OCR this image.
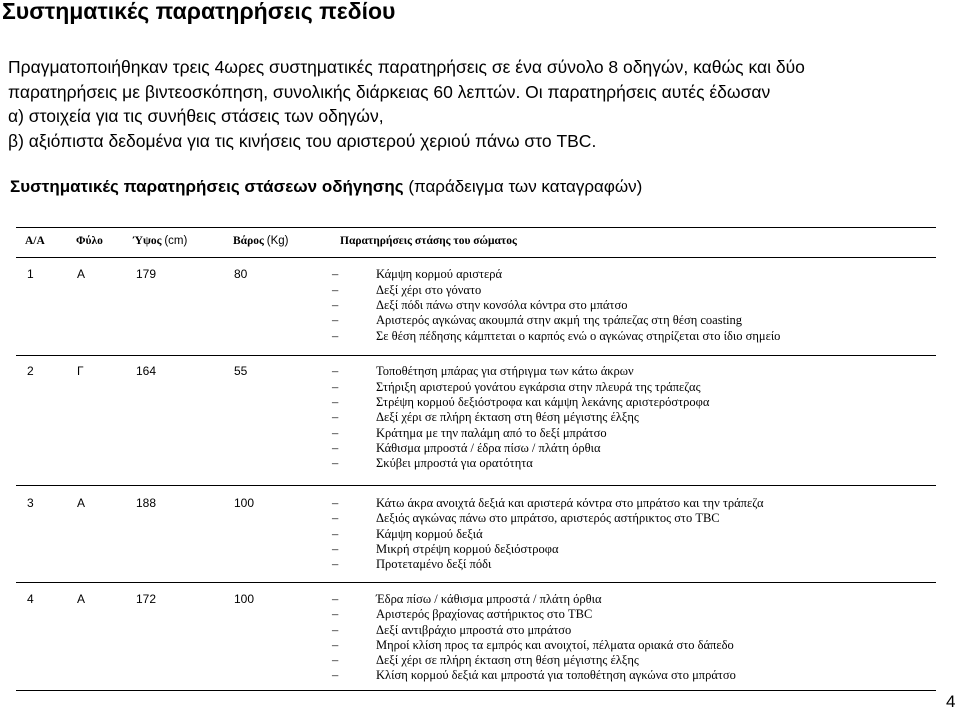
Συστηματικές παρατηρήσεις πεδίου
Πραγματοποιήθηκαν τρεις 4ωρες συστηματικές παρατηρήσεις σε ένα σύνολο 8 οδηγών, καθώς και δύο
παρατηρήσεις με βιντεοσκόπηση, συνολικής διάρκειας 60 λεπτών. Οι παρατηρήσεις αυτές έδωσαν
α) στοιχεία για τις συνήθεις στάσεις των οδηγών,
β) αξιόπιστα δεδομένα για τις κινήσεις του αριστερού χεριού πάνω στο TBC.
Συστηματικές παρατηρήσεις στάσεων οδήγησης (παράδειγμα των καταγραφών)
Α/Α	Φύλο	Ύψος (cm)	Βάρος (Kg)	Παρατηρήσεις στάσης του σώματος
1	Α	179	80	–	Κάμψη κορμού αριστερά
–	Δεξί χέρι στο γόνατο
–	Δεξί πόδι πάνω στην κονσόλα κόντρα στο μπάτσο
–	Αριστερός αγκώνας ακουμπά στην ακμή της τράπεζας στη θέση coasting
–	Σε θέση πέδησης κάμπτεται ο καρπός ενώ ο αγκώνας στηρίζεται στο ίδιο σημείο
2	Γ	164	55	–	Τοποθέτηση μπάρας για στήριγμα των κάτω άκρων
–	Στήριξη αριστερού γονάτου εγκάρσια στην πλευρά της τράπεζας
–	Στρέψη κορμού δεξιόστροφα και κάμψη λεκάνης αριστερόστροφα
–	Δεξί χέρι σε πλήρη έκταση στη θέση μέγιστης έλξης
–	Κράτημα με την παλάμη από το δεξί μπράτσο
–	Κάθισμα μπροστά / έδρα πίσω / πλάτη όρθια
–	Σκύβει μπροστά για ορατότητα
3	Α	188	100	–	Κάτω άκρα ανοιχτά δεξιά και αριστερά κόντρα στο μπράτσο και την τράπεζα
–	Δεξιός αγκώνας πάνω στο μπράτσο, αριστερός αστήρικτος στο TBC
–	Κάμψη κορμού δεξιά
–	Μικρή στρέψη κορμού δεξιόστροφα
–	Προτεταμένο δεξί πόδι
4	Α	172	100	–	Έδρα πίσω / κάθισμα μπροστά / πλάτη όρθια
–	Αριστερός βραχίονας αστήρικτος στο TBC
–	Δεξί αντιβράχιο μπροστά στο μπράτσο
–	Μηροί κλίση προς τα εμπρός και ανοιχτοί, πέλματα οριακά στο δάπεδο
–	Δεξί χέρι σε πλήρη έκταση στη θέση μέγιστης έλξης
–	Κλίση κορμού δεξιά και μπροστά για τοποθέτηση αγκώνα στο μπράτσο
4
